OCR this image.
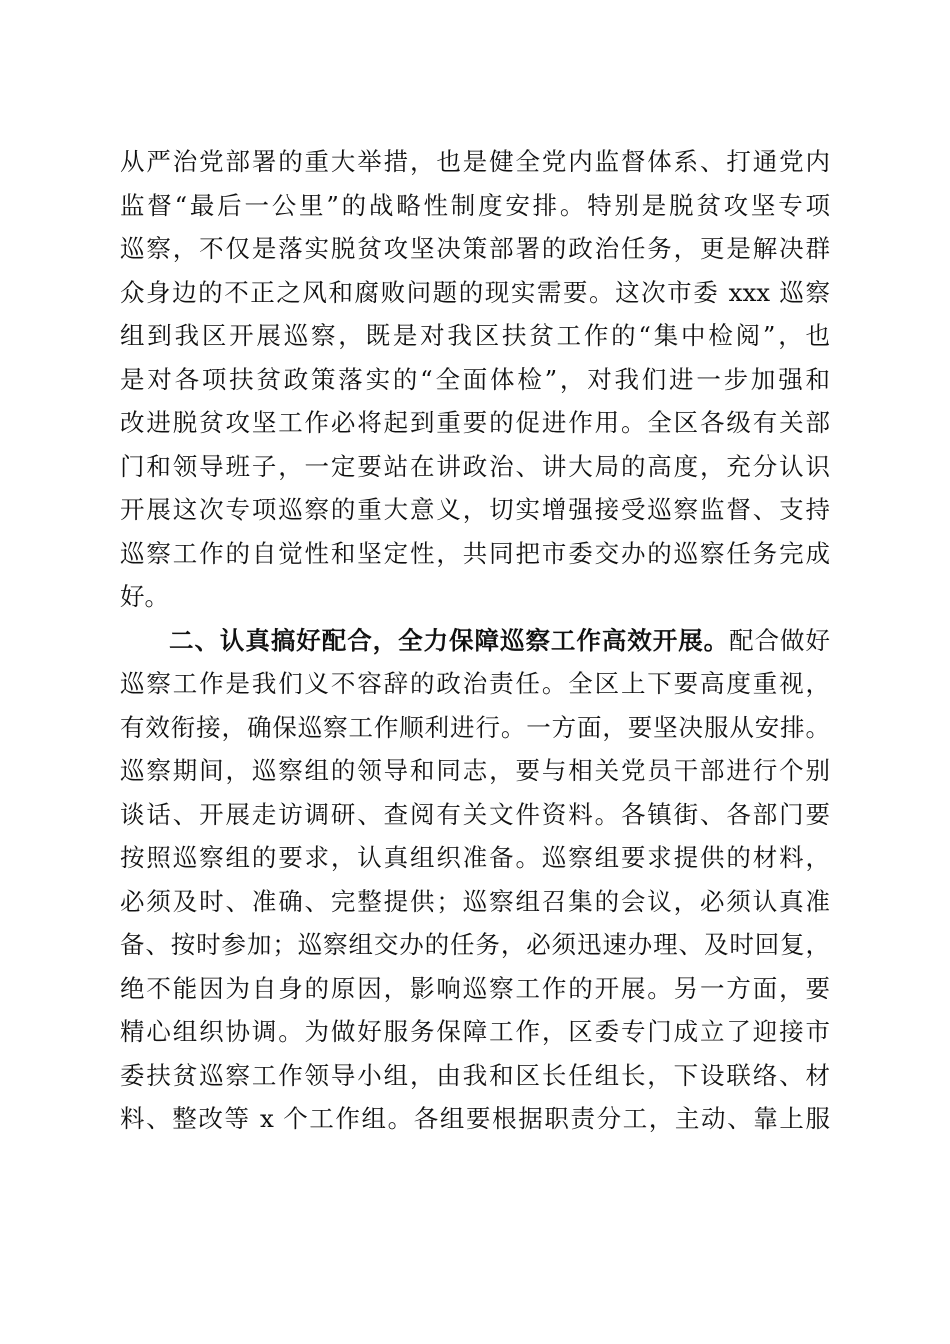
从严治党部署的重大举措，也是健全党内监督体系、打通党内
监督“最后一公里”的战略性制度安排。特别是脱贫攻坚专项
巡察，不仅是落实脱贫攻坚决策部署的政治任务，更是解决群
众身边的不正之风和腐败问题的现实需要。这次市委 xxx 巡察
组到我区开展巡察，既是对我区扶贫工作的“集中检阅”，也
是对各项扶贫政策落实的“全面体检”，对我们进一步加强和
改进脱贫攻坚工作必将起到重要的促进作用。全区各级有关部
门和领导班子，一定要站在讲政治、讲大局的高度，充分认识
开展这次专项巡察的重大意义，切实增强接受巡察监督、支持
巡察工作的自觉性和坚定性，共同把市委交办的巡察任务完成
好。
二、认真搞好配合，全力保障巡察工作高效开展。配合做好
巡察工作是我们义不容辞的政治责任。全区上下要高度重视，
有效衔接，确保巡察工作顺利进行。一方面，要坚决服从安排。
巡察期间，巡察组的领导和同志，要与相关党员干部进行个别
谈话、开展走访调研、查阅有关文件资料。各镇街、各部门要
按照巡察组的要求，认真组织准备。巡察组要求提供的材料，
必须及时、准确、完整提供；巡察组召集的会议，必须认真准
备、按时参加；巡察组交办的任务，必须迅速办理、及时回复，
绝不能因为自身的原因，影响巡察工作的开展。另一方面，要
精心组织协调。为做好服务保障工作，区委专门成立了迎接市
委扶贫巡察工作领导小组，由我和区长任组长，下设联络、材
料、整改等 x 个工作组。各组要根据职责分工，主动、靠上服
